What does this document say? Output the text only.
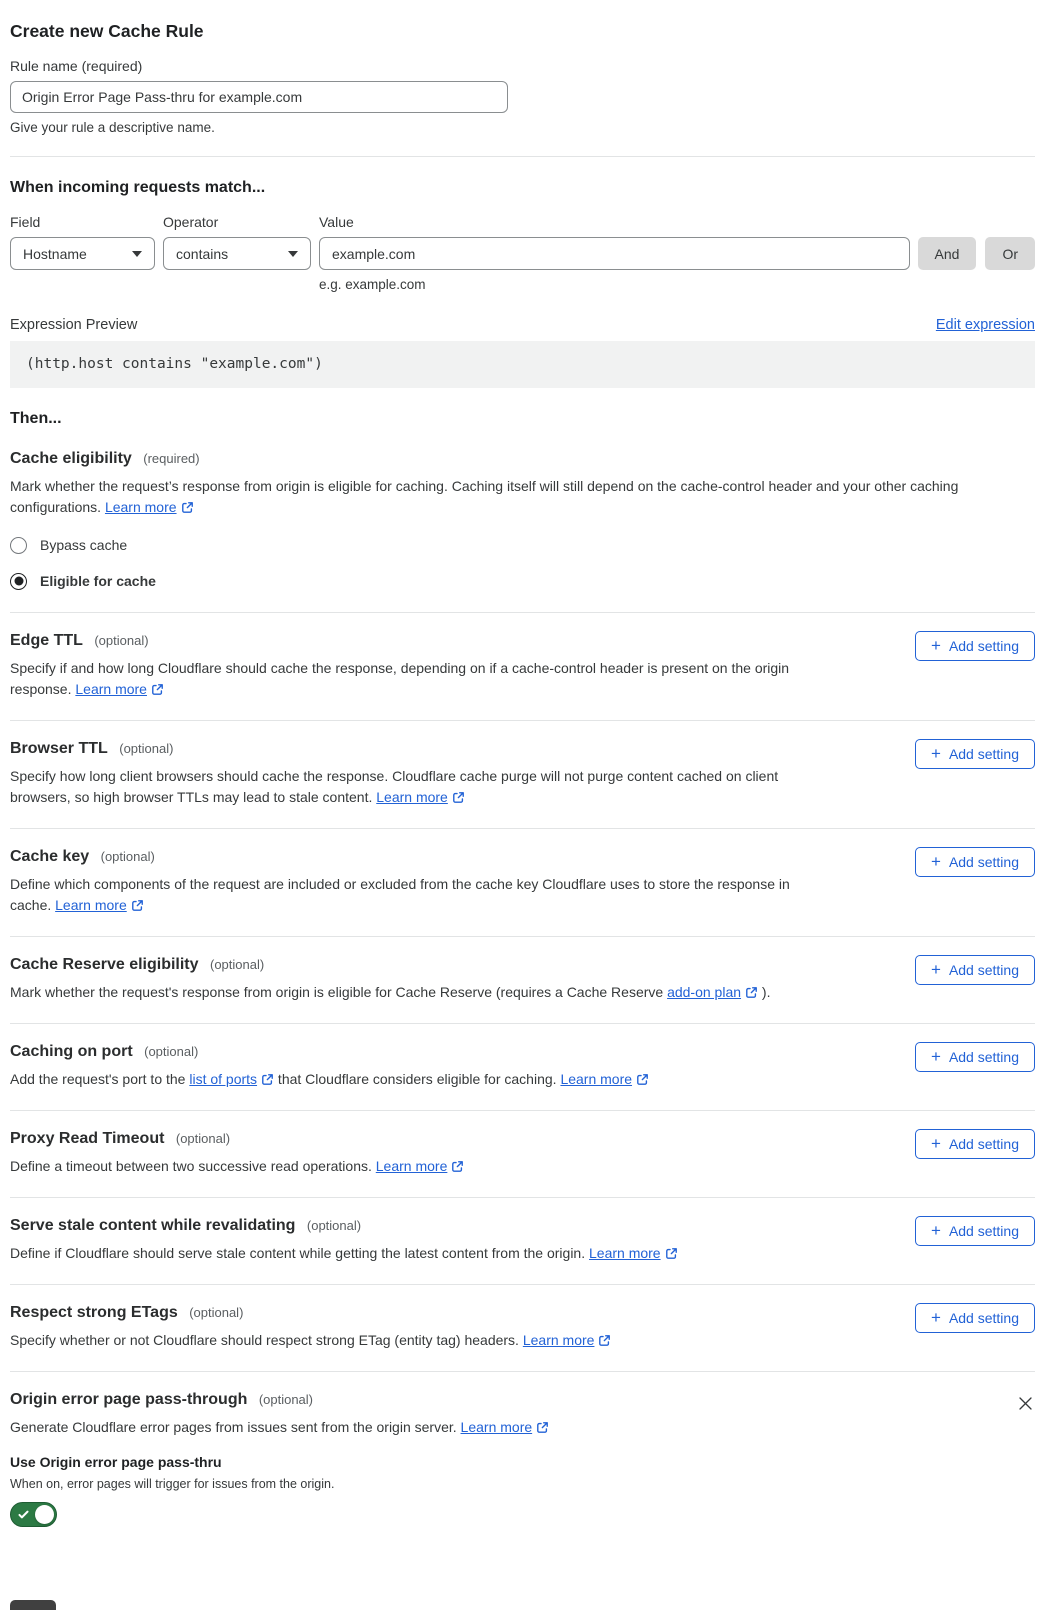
Create new Cache Rule
Rule name (required)
Origin Error Page Pass-thru for example.com
Give your rule a descriptive name.
When incoming requests match...
Field
Hostname
Operator
contains
Value
example.com
e.g. example.com
And	Or
Expression Preview	Edit expression
(http.host contains "example.com")
Then...
Cache eligibility (required)

Mark whether the request’s response from origin is eligible for caching. Caching itself will still depend on the cache-control header and your other caching configurations. Learn more

Bypass cache
Eligible for cache
Edge TTL (optional)

Specify if and how long Cloudflare should cache the response, depending on if a cache-control header is present on the origin response. Learn more

+ Add setting
Browser TTL (optional)

Specify how long client browsers should cache the response. Cloudflare cache purge will not purge content cached on client browsers, so high browser TTLs may lead to stale content. Learn more

+ Add setting
Cache key (optional)

Define which components of the request are included or excluded from the cache key Cloudflare uses to store the response in cache. Learn more

+ Add setting
Cache Reserve eligibility (optional)

Mark whether the request's response from origin is eligible for Cache Reserve (requires a Cache Reserve add-on plan ).

+ Add setting
Caching on port (optional)

Add the request's port to the list of ports that Cloudflare considers eligible for caching. Learn more

+ Add setting
Proxy Read Timeout (optional)

Define a timeout between two successive read operations. Learn more

+ Add setting
Serve stale content while revalidating (optional)

Define if Cloudflare should serve stale content while getting the latest content from the origin. Learn more

+ Add setting
Respect strong ETags (optional)

Specify whether or not Cloudflare should respect strong ETag (entity tag) headers. Learn more

+ Add setting
Origin error page pass-through (optional)

Generate Cloudflare error pages from issues sent from the origin server. Learn more

Use Origin error page pass-thru
When on, error pages will trigger for issues from the origin.
